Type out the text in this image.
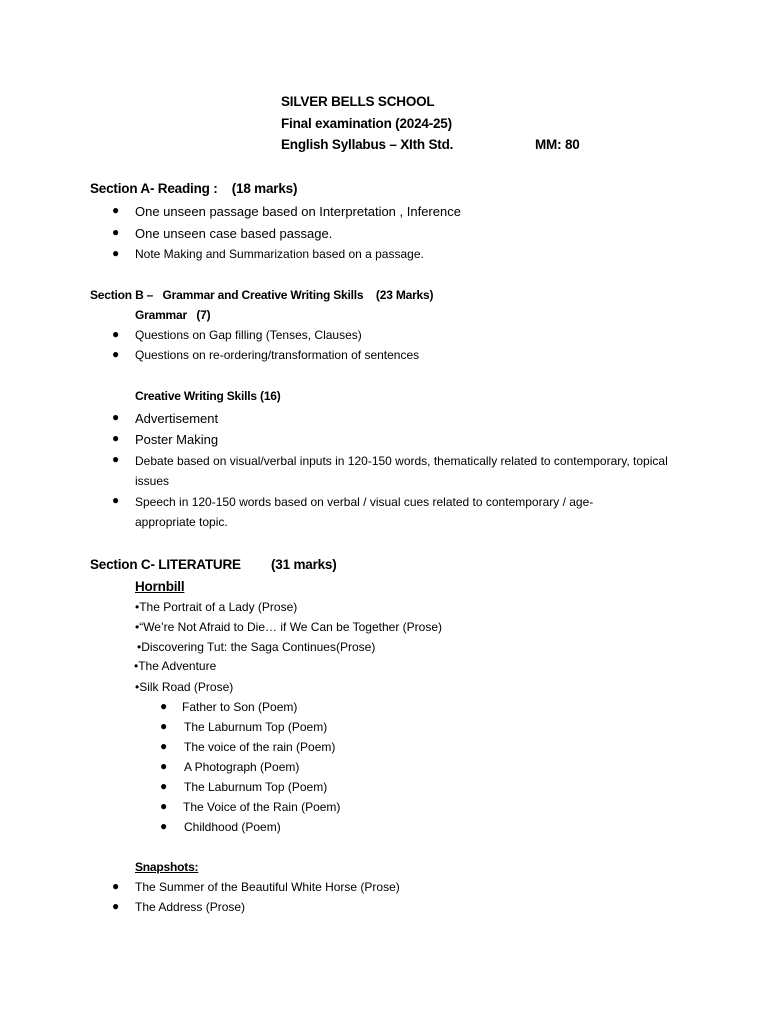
SILVER BELLS SCHOOL
Final examination (2024-25)
English Syllabus – XIth Std.	MM: 80
Section A- Reading :    (18 marks)
● One unseen passage based on Interpretation , Inference
● One unseen case based passage.
● Note Making and Summarization based on a passage.
Section B –   Grammar and Creative Writing Skills    (23 Marks)
Grammar   (7)
● Questions on Gap filling (Tenses, Clauses)
● Questions on re-ordering/transformation of sentences
Creative Writing Skills (16)
● Advertisement
● Poster Making
● Debate based on visual/verbal inputs in 120-150 words, thematically related to contemporary, topical issues
● Speech in 120-150 words based on verbal / visual cues related to contemporary / age-appropriate topic.
Section C- LITERATURE (31 marks)
Hornbill
•The Portrait of a Lady (Prose)
•“We’re Not Afraid to Die… if We Can be Together (Prose)
•Discovering Tut: the Saga Continues(Prose)
•The Adventure
•Silk Road (Prose)
● Father to Son (Poem)
● The Laburnum Top (Poem)
● The voice of the rain (Poem)
● A Photograph (Poem)
● The Laburnum Top (Poem)
● The Voice of the Rain (Poem)
● Childhood (Poem)
Snapshots:
● The Summer of the Beautiful White Horse (Prose)
● The Address (Prose)
